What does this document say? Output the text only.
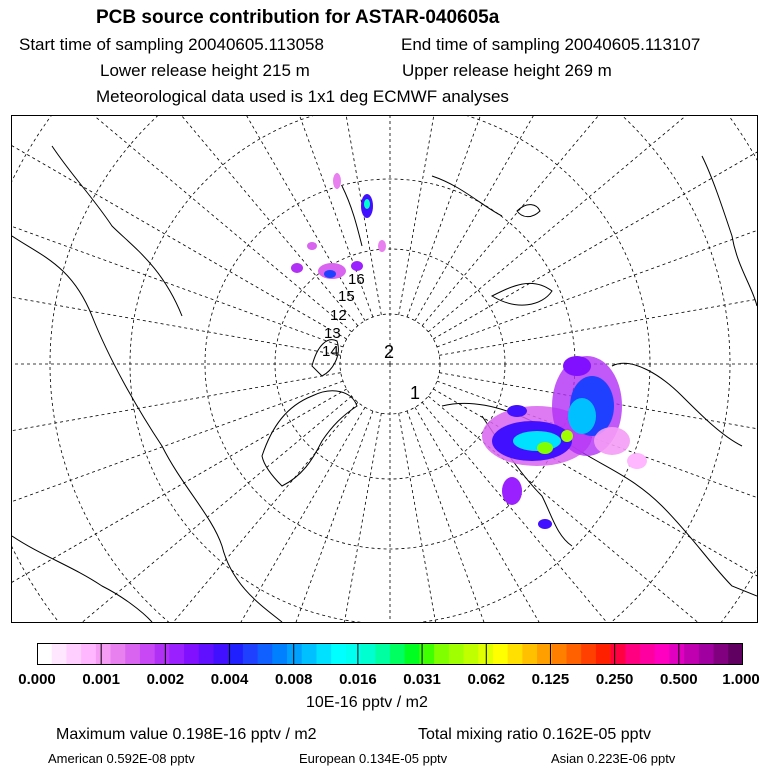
PCB source contribution for ASTAR-040605a
Start time of sampling 20040605.113058	End time of sampling 20040605.113107
Lower release height 215 m	Upper release height 269 m
Meteorological data used is 1x1 deg ECMWF analyses
2
1
14
13
12
15
16
0.000 0.001 0.002 0.004 0.008 0.016 0.031 0.062 0.125 0.250 0.500 1.000
10E-16 pptv / m2
Maximum value 0.198E-16 pptv / m2	Total mixing ratio 0.162E-05 pptv
American 0.592E-08 pptv	European 0.134E-05 pptv	Asian 0.223E-06 pptv
